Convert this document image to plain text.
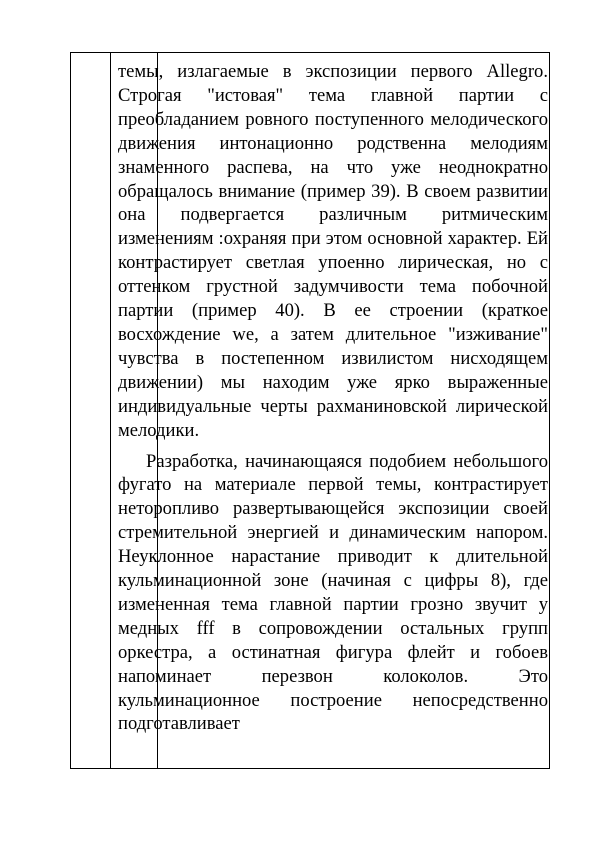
темы, излагаемые в экспозиции первого Allegro. Строгая "истовая" тема главной партии с преобладанием ровного поступенного мелодического движения интонационно родственна мелодиям знаменного распева, на что уже неоднократно обращалось внимание (пример 39). В своем развитии она подвергается различным ритмическим изменениям :охраняя при этом основной характер. Ей контрастирует светлая упоенно лирическая, но с оттенком грустной задумчивости тема побочной партии (пример 40). В ее строении (краткое восхождение we, а затем длительное "изживание" чувства в постепенном извилистом нисходящем движении) мы находим уже ярко выраженные индивидуальные черты рахманиновской лирической мелодики.

Разработка, начинающаяся подобием небольшого фугато на материале первой темы, контрастирует неторопливо развертывающейся экспозиции своей стремительной энергией и динамическим напором. Неуклонное нарастание приводит к длительной кульминационной зоне (начиная с цифры 8), где измененная тема главной партии грозно звучит у медных fff в сопровождении остальных групп оркестра, а остинатная фигура флейт и гобоев напоминает перезвон колоколов. Это кульминационное построение непосредственно подготавливает
